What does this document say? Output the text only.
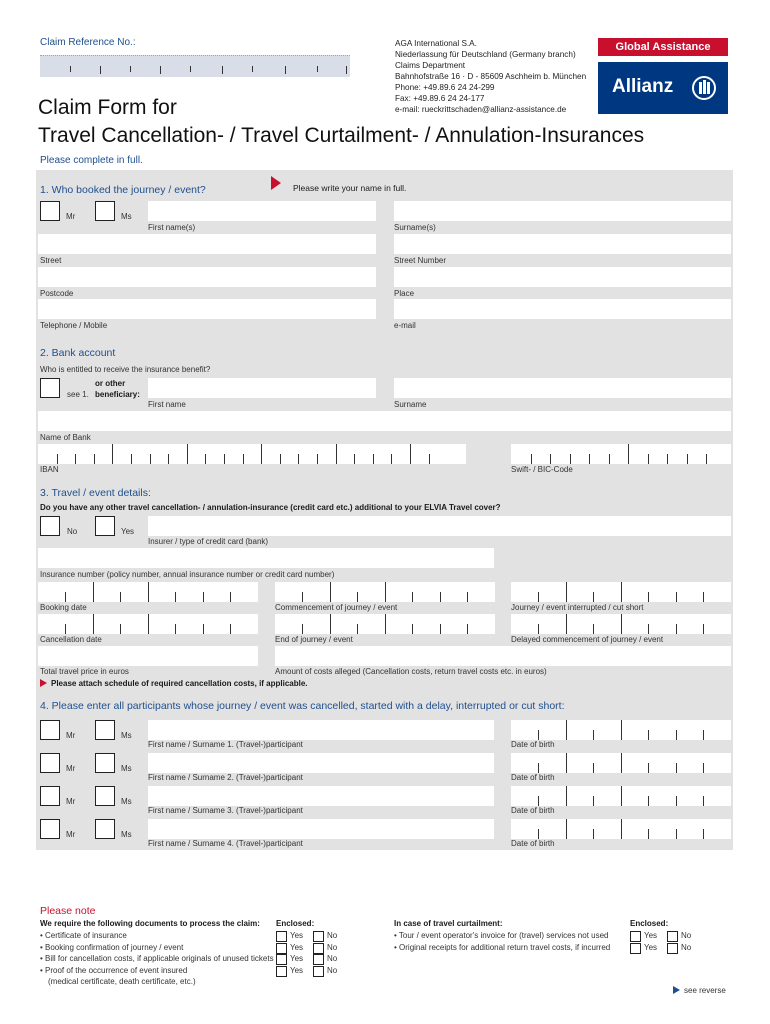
Claim Reference No.:	AGA International S.A.
Niederlassung für Deutschland (Germany branch)
Claims Department
Bahnhofstraße 16 · D - 85609 Aschheim b. München
Phone: +49.89.6 24 24-299
Fax: +49.89.6 24 24-177
e-mail: rueckrittschaden@allianz-assistance.de
Global Assistance
Allianz
Claim Form for
Travel Cancellation- / Travel Curtailment- / Annulation-Insurances
Please complete in full.
1. Who booked the journey / event?	Please write your name in full.
Mr	Ms
First name(s)	Surname(s)
Street	Street Number
Postcode	Place
Telephone / Mobile	e-mail
2. Bank account
Who is entitled to receive the insurance benefit?
see 1.
or other
beneficiary:
First name	Surname
Name of Bank
IBAN	Swift- / BIC-Code
3. Travel / event details:
Do you have any other travel cancellation- / annulation-insurance (credit card etc.) additional to your ELVIA Travel cover?
No	Yes
Insurer / type of credit card (bank)
Insurance number (policy number, annual insurance number or credit card number)
Booking date	Commencement of journey / event	Journey / event interrupted / cut short
Cancellation date	End of journey / event	Delayed commencement of journey / event
Total travel price in euros	Amount of costs alleged (Cancellation costs, return travel costs etc. in euros)
Please attach schedule of required cancellation costs, if applicable.
4. Please enter all participants whose journey / event was cancelled, started with a delay, interrupted or cut short:
Please note
We require the following documents to process the claim: Enclosed:
(medical certificate, death certificate, etc.)
In case of travel curtailment:	Enclosed:
see reverse
Mr	Ms
First name / Surname 1. (Travel-)participant	Date of birth
Mr	Ms
First name / Surname 2. (Travel-)participant	Date of birth
Mr	Ms
First name / Surname 3. (Travel-)participant	Date of birth
Mr	Ms
First name / Surname 4. (Travel-)participant	Date of birth
• Certificate of insurance	Yes	No
• Booking confirmation of journey / event	Yes	No
• Bill for cancellation costs, if applicable originals of unused tickets Yes	No
• Proof of the occurrence of event insured	Yes	No
• Tour / event operator's invoice for (travel) services not used	Yes	No
• Original receipts for additional return travel costs, if incurred	Yes	No
